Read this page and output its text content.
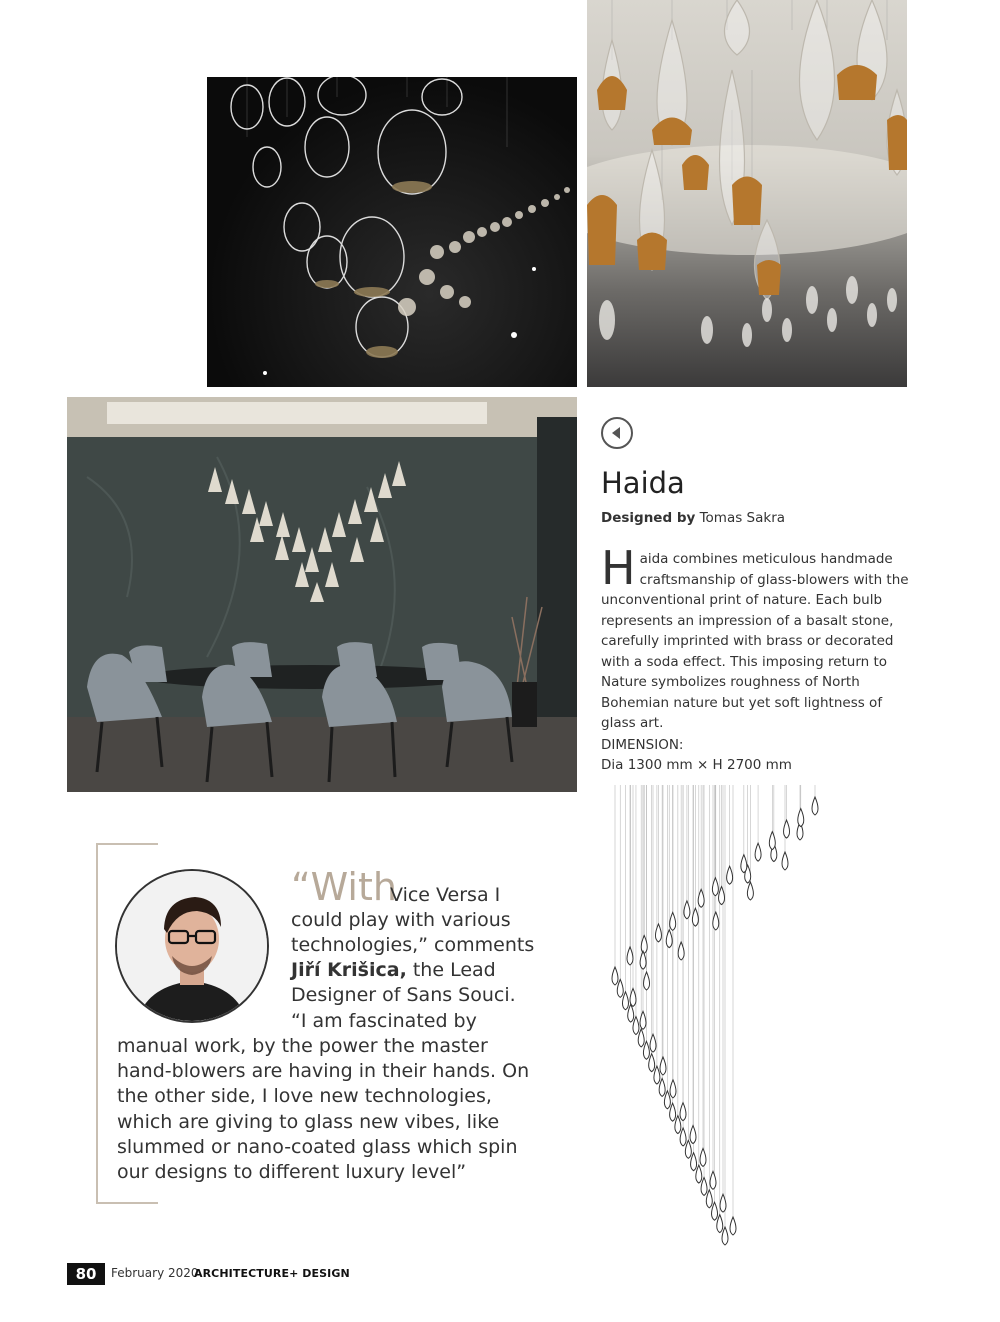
Haida
Designed by Tomas Sakra
Haida combines meticulous handmade craftsmanship of glass-blowers with the unconventional print of nature. Each bulb represents an impression of a basalt stone, carefully imprinted with brass or decorated with a soda effect. This imposing return to Nature symbolizes roughness of North Bohemian nature but yet soft lightness of glass art.
DIMENSION:
Dia 1300 mm × H 2700 mm
“With
Vice Versa I
could play with various
technologies,” comments
Jiří Krišica, the Lead
Designer of Sans Souci.
“I am fascinated by
manual work, by the power the master
hand-blowers are having in their hands. On
the other side, I love new technologies,
which are giving to glass new vibes, like
slummed or nano-coated glass which spin
our designs to different luxury level”
80	February 2020
ARCHITECTURE+ DESIGN
